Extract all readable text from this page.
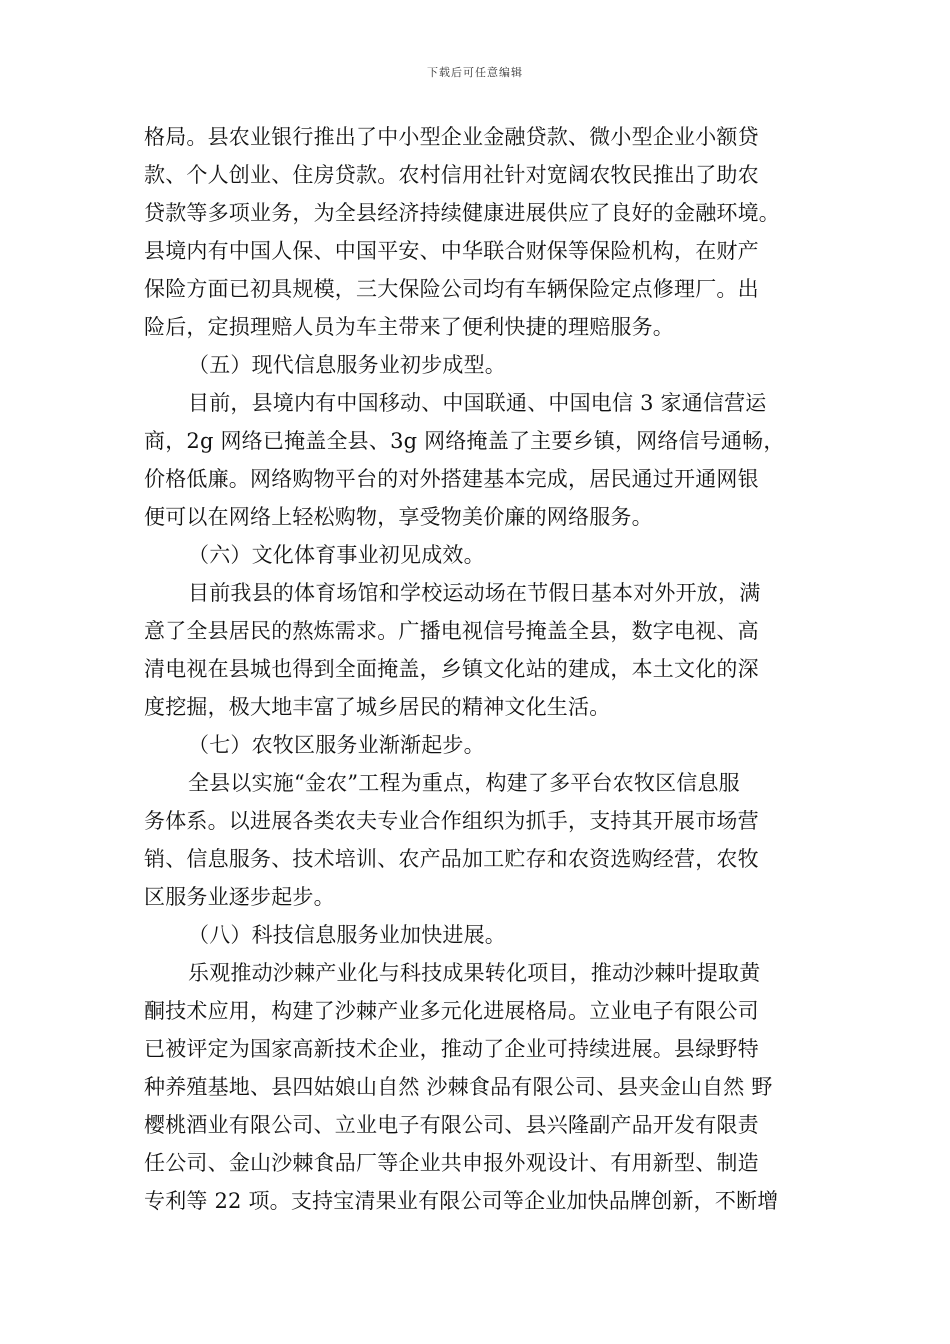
下载后可任意编辑
格局。县农业银行推出了中小型企业金融贷款、微小型企业小额贷
款、个人创业、住房贷款。农村信用社针对宽阔农牧民推出了助农
贷款等多项业务，为全县经济持续健康进展供应了良好的金融环境。
县境内有中国人保、中国平安、中华联合财保等保险机构，在财产
保险方面已初具规模，三大保险公司均有车辆保险定点修理厂。出
险后，定损理赔人员为车主带来了便利快捷的理赔服务。
（五）现代信息服务业初步成型。
目前，县境内有中国移动、中国联通、中国电信 3 家通信营运
商，2g 网络已掩盖全县、3g 网络掩盖了主要乡镇，网络信号通畅，
价格低廉。网络购物平台的对外搭建基本完成，居民通过开通网银
便可以在网络上轻松购物，享受物美价廉的网络服务。
（六）文化体育事业初见成效。
目前我县的体育场馆和学校运动场在节假日基本对外开放，满
意了全县居民的熬炼需求。广播电视信号掩盖全县，数字电视、高
清电视在县城也得到全面掩盖，乡镇文化站的建成，本土文化的深
度挖掘，极大地丰富了城乡居民的精神文化生活。
（七）农牧区服务业渐渐起步。
全县以实施“金农”工程为重点，构建了多平台农牧区信息服
务体系。以进展各类农夫专业合作组织为抓手，支持其开展市场营
销、信息服务、技术培训、农产品加工贮存和农资选购经营，农牧
区服务业逐步起步。
（八）科技信息服务业加快进展。
乐观推动沙棘产业化与科技成果转化项目，推动沙棘叶提取黄
酮技术应用，构建了沙棘产业多元化进展格局。立业电子有限公司
已被评定为国家高新技术企业，推动了企业可持续进展。县绿野特
种养殖基地、县四姑娘山自然 沙棘食品有限公司、县夹金山自然 野
樱桃酒业有限公司、立业电子有限公司、县兴隆副产品开发有限责
任公司、金山沙棘食品厂等企业共申报外观设计、有用新型、制造
专利等 22 项。支持宝清果业有限公司等企业加快品牌创新，不断增
